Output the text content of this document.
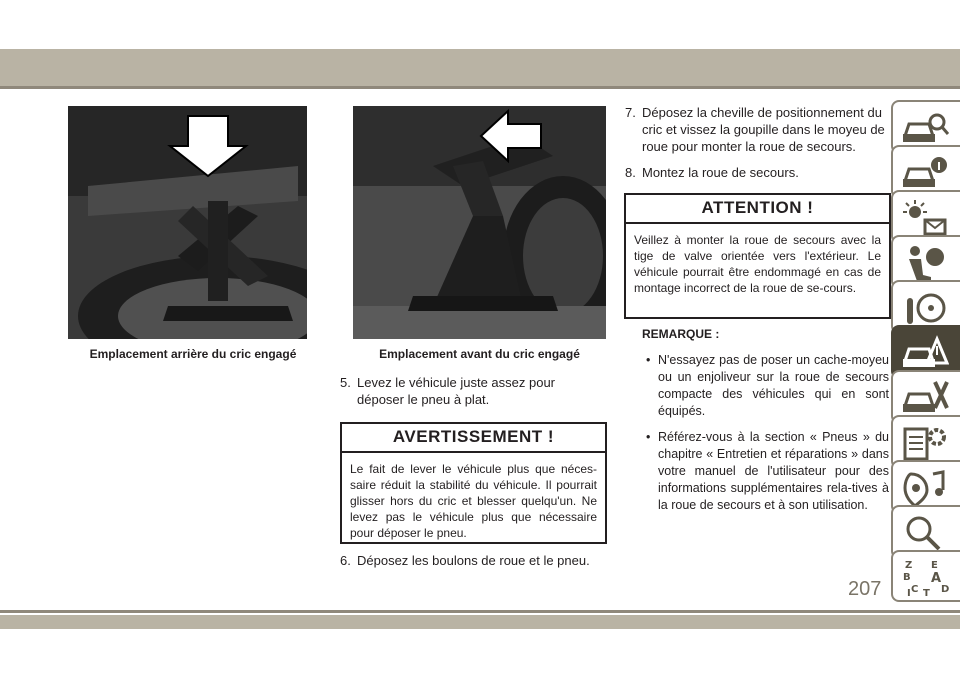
Emplacement arrière du cric engagé	Emplacement avant du cric engagé
5. Levez le véhicule juste assez pour déposer le pneu à plat.
AVERTISSEMENT !
Le fait de lever le véhicule plus que néces-saire réduit la stabilité du véhicule. Il pourrait glisser hors du cric et blesser quelqu'un. Ne levez pas le véhicule plus que nécessaire pour déposer le pneu.
6. Déposez les boulons de roue et le pneu.
7. Déposez la cheville de positionnement du cric et vissez la goupille dans le moyeu de roue pour monter la roue de secours.
8. Montez la roue de secours.
ATTENTION !
Veillez à monter la roue de secours avec la tige de valve orientée vers l'extérieur. Le véhicule pourrait être endommagé en cas de montage incorrect de la roue de se-cours.
REMARQUE :
• N'essayez pas de poser un cache-moyeu ou un enjoliveur sur la roue de secours compacte des véhicules qui en sont équipés.
• Référez-vous à la section « Pneus » du chapitre « Entretien et réparations » dans votre manuel de l'utilisateur pour des informations supplémentaires rela-tives à la roue de secours et à son utilisation.
Z E
B A
C T D
I
207
